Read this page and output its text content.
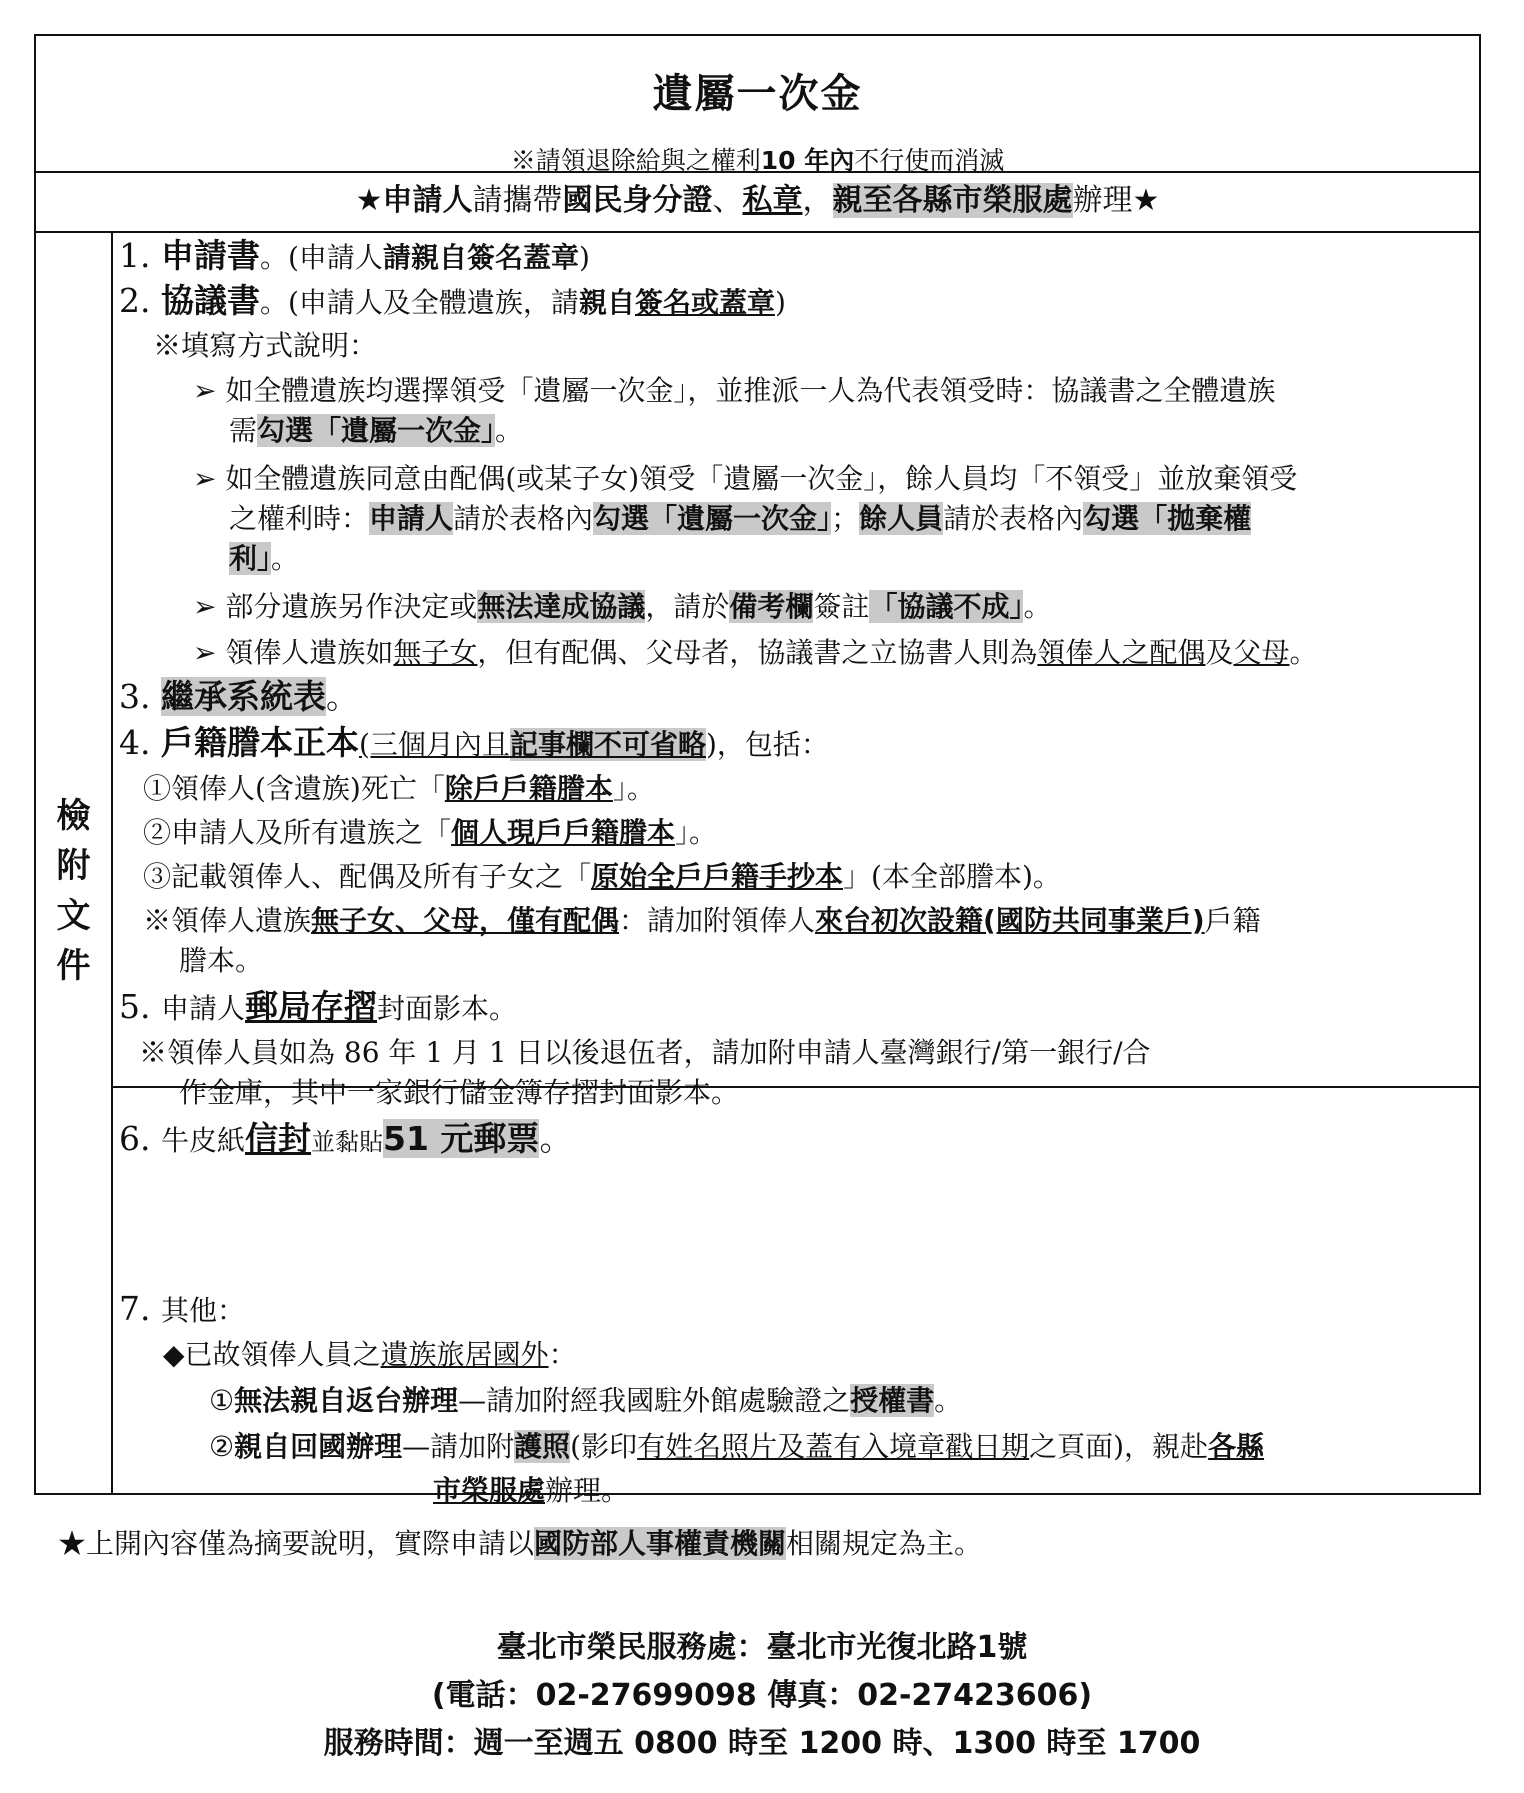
遺屬一次金
※請領退除給與之權利10 年內不行使而消滅
★申請人請攜帶國民身分證、私章，親至各縣市榮服處辦理★
檢
附
文
件
1. 申請書。(申請人請親自簽名蓋章)
2. 協議書。(申請人及全體遺族，請親自簽名或蓋章)
※填寫方式說明：
➢ 如全體遺族均選擇領受「遺屬一次金」，並推派一人為代表領受時：協議書之全體遺族
需勾選「遺屬一次金」。
➢ 如全體遺族同意由配偶(或某子女)領受「遺屬一次金」，餘人員均「不領受」並放棄領受
之權利時：申請人請於表格內勾選「遺屬一次金」；餘人員請於表格內勾選「拋棄權
利」。
➢ 部分遺族另作決定或無法達成協議，請於備考欄簽註「協議不成」。
➢ 領俸人遺族如無子女，但有配偶、父母者，協議書之立協書人則為領俸人之配偶及父母。
3. 繼承系統表。
4. 戶籍謄本正本(三個月內且記事欄不可省略)，包括：
①領俸人(含遺族)死亡「除戶戶籍謄本」。
②申請人及所有遺族之「個人現戶戶籍謄本」。
③記載領俸人、配偶及所有子女之「原始全戶戶籍手抄本」(本全部謄本)。
※領俸人遺族無子女、父母，僅有配偶：請加附領俸人來台初次設籍(國防共同事業戶)戶籍
謄本。
5. 申請人郵局存摺封面影本。
※領俸人員如為 86 年 1 月 1 日以後退伍者，請加附申請人臺灣銀行/第一銀行/合
作金庫，其中一家銀行儲金簿存摺封面影本。
6. 牛皮紙信封並黏貼51 元郵票。
7. 其他：
◆已故領俸人員之遺族旅居國外：
①無法親自返台辦理—請加附經我國駐外館處驗證之授權書。
②親自回國辦理—請加附護照(影印有姓名照片及蓋有入境章戳日期之頁面)，親赴各縣
市榮服處辦理。
★上開內容僅為摘要說明，實際申請以國防部人事權責機關相關規定為主。
臺北市榮民服務處：臺北市光復北路1號
(電話：02-27699098 傳真：02-27423606)
服務時間：週一至週五 0800 時至 1200 時、1300 時至 1700
